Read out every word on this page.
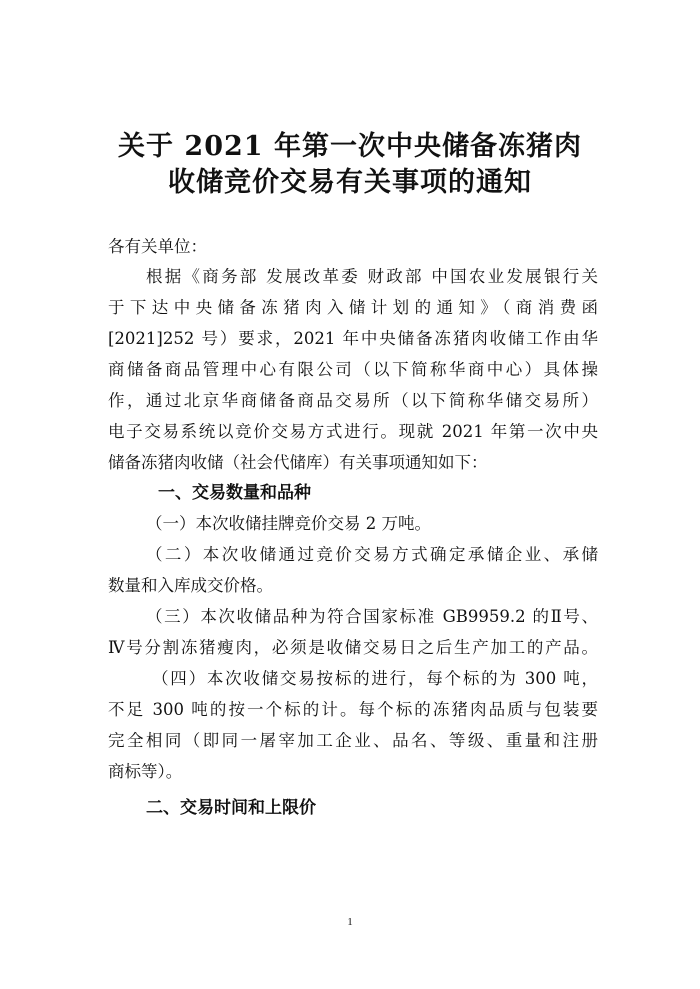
关于 2021 年第一次中央储备冻猪肉
收储竞价交易有关事项的通知
各有关单位：
根据《商务部 发展改革委 财政部 中国农业发展银行关
于下达中央储备冻猪肉入储计划的通知》（商消费函
[2021]252 号）要求，2021 年中央储备冻猪肉收储工作由华
商储备商品管理中心有限公司（以下简称华商中心）具体操
作，通过北京华商储备商品交易所（以下简称华储交易所）
电子交易系统以竞价交易方式进行。现就 2021 年第一次中央
储备冻猪肉收储（社会代储库）有关事项通知如下：
一、交易数量和品种
（一）本次收储挂牌竞价交易 2 万吨。
（二）本次收储通过竞价交易方式确定承储企业、承储
数量和入库成交价格。
（三）本次收储品种为符合国家标准 GB9959.2 的Ⅱ号、
Ⅳ号分割冻猪瘦肉，必须是收储交易日之后生产加工的产品。
（四）本次收储交易按标的进行，每个标的为 300 吨，
不足 300 吨的按一个标的计。每个标的冻猪肉品质与包装要
完全相同（即同一屠宰加工企业、品名、等级、重量和注册
商标等）。
二、交易时间和上限价
1
